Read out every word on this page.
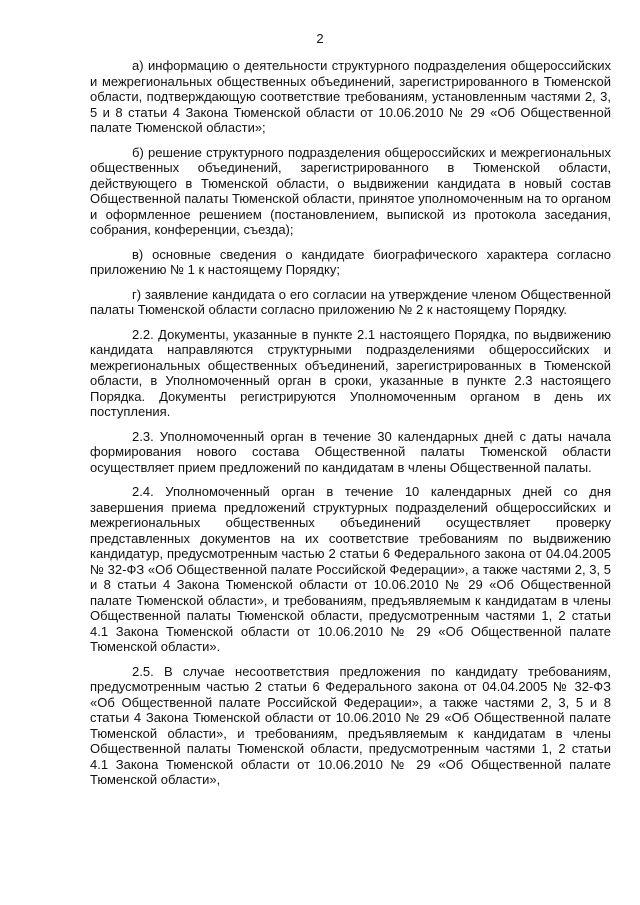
2

а) информацию о деятельности структурного подразделения общероссийских и межрегиональных общественных объединений, зарегистрированного в Тюменской области, подтверждающую соответствие требованиям, установленным частями 2, 3, 5 и 8 статьи 4 Закона Тюменской области от 10.06.2010 № 29 «Об Общественной палате Тюменской области»;

б) решение структурного подразделения общероссийских и межрегиональных общественных объединений, зарегистрированного в Тюменской области, действующего в Тюменской области, о выдвижении кандидата в новый состав Общественной палаты Тюменской области, принятое уполномоченным на то органом и оформленное решением (постановлением, выпиской из протокола заседания, собрания, конференции, съезда);

в) основные сведения о кандидате биографического характера согласно приложению № 1 к настоящему Порядку;

г) заявление кандидата о его согласии на утверждение членом Общественной палаты Тюменской области согласно приложению № 2 к настоящему Порядку.

2.2. Документы, указанные в пункте 2.1 настоящего Порядка, по выдвижению кандидата направляются структурными подразделениями общероссийских и межрегиональных общественных объединений, зарегистрированных в Тюменской области, в Уполномоченный орган в сроки, указанные в пункте 2.3 настоящего Порядка. Документы регистрируются Уполномоченным органом в день их поступления.

2.3. Уполномоченный орган в течение 30 календарных дней с даты начала формирования нового состава Общественной палаты Тюменской области осуществляет прием предложений по кандидатам в члены Общественной палаты.

2.4. Уполномоченный орган в течение 10 календарных дней со дня завершения приема предложений структурных подразделений общероссийских и межрегиональных общественных объединений осуществляет проверку представленных документов на их соответствие требованиям по выдвижению кандидатур, предусмотренным частью 2 статьи 6 Федерального закона от 04.04.2005 № 32-ФЗ «Об Общественной палате Российской Федерации», а также частями 2, 3, 5 и 8 статьи 4 Закона Тюменской области от 10.06.2010 № 29 «Об Общественной палате Тюменской области», и требованиям, предъявляемым к кандидатам в члены Общественной палаты Тюменской области, предусмотренным частями 1, 2 статьи 4.1 Закона Тюменской области от 10.06.2010 № 29 «Об Общественной палате Тюменской области».

2.5. В случае несоответствия предложения по кандидату требованиям, предусмотренным частью 2 статьи 6 Федерального закона от 04.04.2005 № 32-ФЗ «Об Общественной палате Российской Федерации», а также частями 2, 3, 5 и 8 статьи 4 Закона Тюменской области от 10.06.2010 № 29 «Об Общественной палате Тюменской области», и требованиям, предъявляемым к кандидатам в члены Общественной палаты Тюменской области, предусмотренным частями 1, 2 статьи 4.1 Закона Тюменской области от 10.06.2010 № 29 «Об Общественной палате Тюменской области»,
